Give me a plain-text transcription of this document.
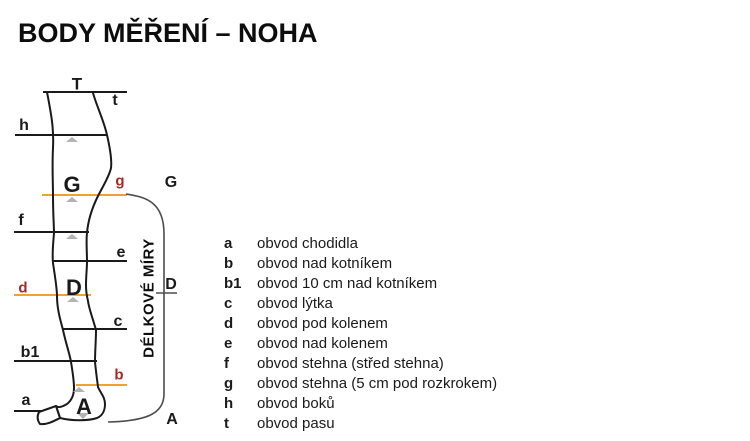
BODY MĚŘENÍ – NOHA
T
t
h
G g
f
e
d D
c
b1
b
a A
G
D
A
DÉLKOVÉ MÍRY	a	obvod chodidla
b	obvod nad kotníkem
b1	obvod 10 cm nad kotníkem
c	obvod lýtka
d	obvod pod kolenem
e	obvod nad kolenem
f	obvod stehna (střed stehna)
g	obvod stehna (5 cm pod rozkrokem)
h	obvod boků
t	obvod pasu
